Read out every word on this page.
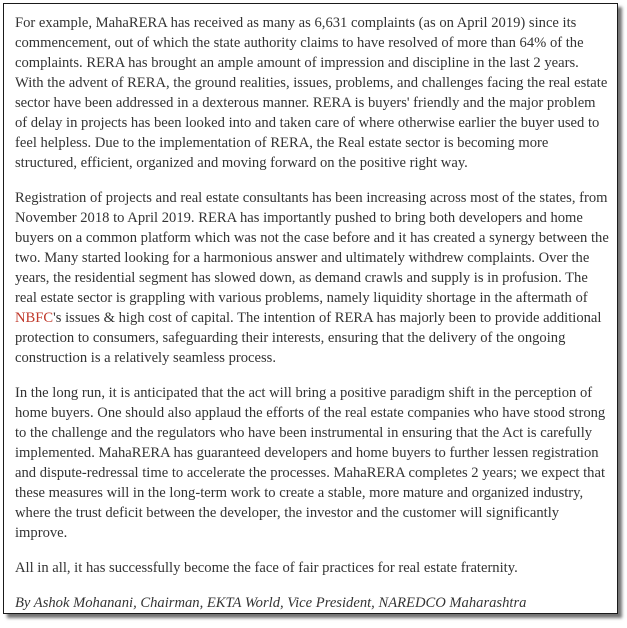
For example, MahaRERA has received as many as 6,631 complaints (as on April 2019) since its commencement, out of which the state authority claims to have resolved of more than 64% of the complaints. RERA has brought an ample amount of impression and discipline in the last 2 years. With the advent of RERA, the ground realities, issues, problems, and challenges facing the real estate sector have been addressed in a dexterous manner. RERA is buyers' friendly and the major problem of delay in projects has been looked into and taken care of where otherwise earlier the buyer used to feel helpless. Due to the implementation of RERA, the Real estate sector is becoming more structured, efficient, organized and moving forward on the positive right way.

Registration of projects and real estate consultants has been increasing across most of the states, from November 2018 to April 2019. RERA has importantly pushed to bring both developers and home buyers on a common platform which was not the case before and it has created a synergy between the two. Many started looking for a harmonious answer and ultimately withdrew complaints. Over the years, the residential segment has slowed down, as demand crawls and supply is in profusion. The real estate sector is grappling with various problems, namely liquidity shortage in the aftermath of NBFC's issues & high cost of capital. The intention of RERA has majorly been to provide additional protection to consumers, safeguarding their interests, ensuring that the delivery of the ongoing construction is a relatively seamless process.

In the long run, it is anticipated that the act will bring a positive paradigm shift in the perception of home buyers. One should also applaud the efforts of the real estate companies who have stood strong to the challenge and the regulators who have been instrumental in ensuring that the Act is carefully implemented. MahaRERA has guaranteed developers and home buyers to further lessen registration and dispute-redressal time to accelerate the processes. MahaRERA completes 2 years; we expect that these measures will in the long-term work to create a stable, more mature and organized industry, where the trust deficit between the developer, the investor and the customer will significantly improve.

All in all, it has successfully become the face of fair practices for real estate fraternity.

By Ashok Mohanani, Chairman, EKTA World, Vice President, NAREDCO Maharashtra
